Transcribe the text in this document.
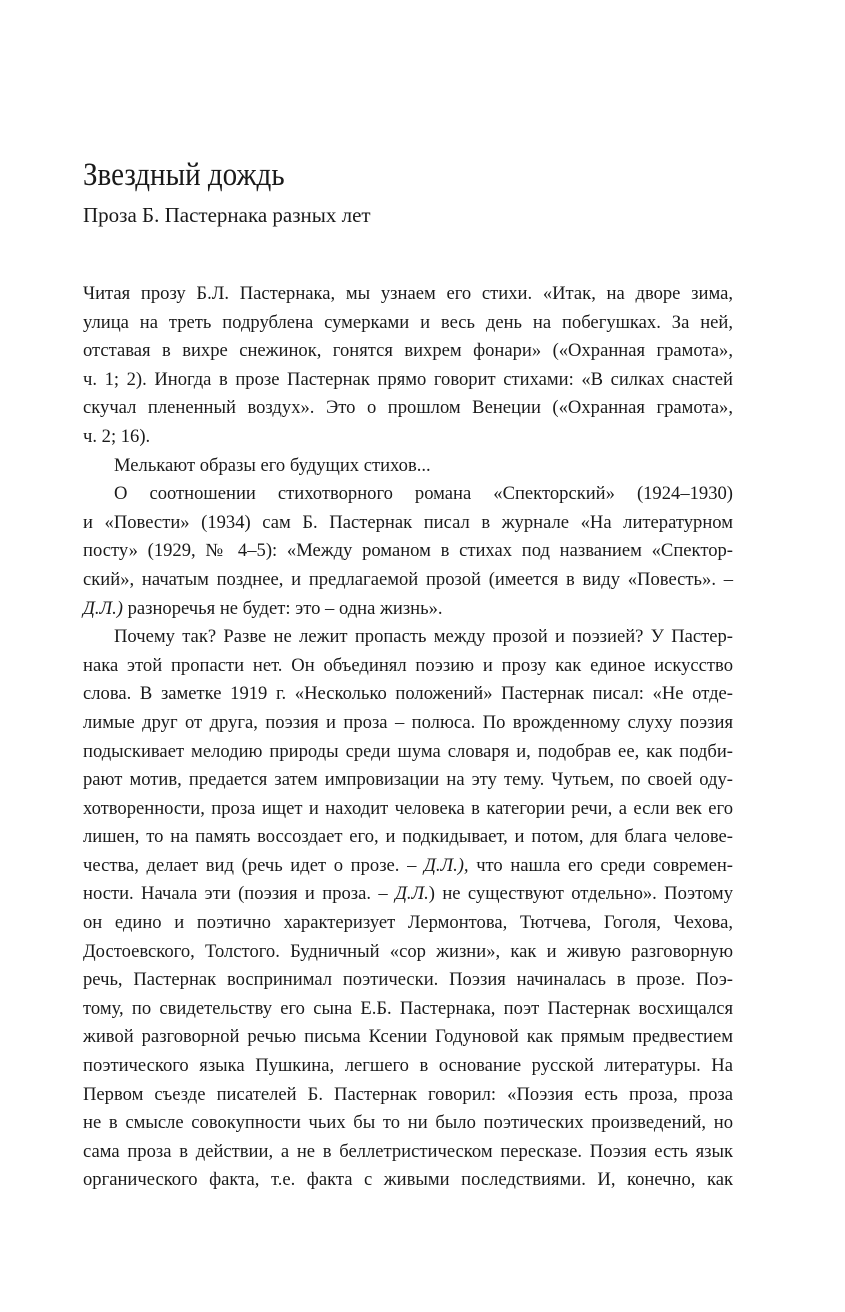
Звездный дождь
Проза Б. Пастернака разных лет
Читая прозу Б.Л. Пастернака, мы узнаем его стихи. «Итак, на дворе зима,
улица на треть подрублена сумерками и весь день на побегушках. За ней,
отставая в вихре снежинок, гонятся вихрем фонари» («Охранная грамота»,
ч. 1; 2). Иногда в прозе Пастернак прямо говорит стихами: «В силках снастей
скучал плененный воздух». Это о прошлом Венеции («Охранная грамота»,
ч. 2; 16).
Мелькают образы его будущих стихов...
О соотношении стихотворного романа «Спекторский» (1924–1930)
и «Повести» (1934) сам Б. Пастернак писал в журнале «На литературном
посту» (1929, № 4–5): «Между романом в стихах под названием «Спектор-
ский», начатым позднее, и предлагаемой прозой (имеется в виду «Повесть». –
Д.Л.) разноречья не будет: это – одна жизнь».
Почему так? Разве не лежит пропасть между прозой и поэзией? У Пастер-
нака этой пропасти нет. Он объединял поэзию и прозу как единое искусство
слова. В заметке 1919 г. «Несколько положений» Пастернак писал: «Не отде-
лимые друг от друга, поэзия и проза – полюса. По врожденному слуху поэзия
подыскивает мелодию природы среди шума словаря и, подобрав ее, как подби-
рают мотив, предается затем импровизации на эту тему. Чутьем, по своей оду-
хотворенности, проза ищет и находит человека в категории речи, а если век его
лишен, то на память воссоздает его, и подкидывает, и потом, для блага челове-
чества, делает вид (речь идет о прозе. – Д.Л.), что нашла его среди современ-
ности. Начала эти (поэзия и проза. – Д.Л.) не существуют отдельно». Поэтому
он едино и поэтично характеризует Лермонтова, Тютчева, Гоголя, Чехова,
Достоевского, Толстого. Будничный «сор жизни», как и живую разговорную
речь, Пастернак воспринимал поэтически. Поэзия начиналась в прозе. Поэ-
тому, по свидетельству его сына Е.Б. Пастернака, поэт Пастернак восхищался
живой разговорной речью письма Ксении Годуновой как прямым предвестием
поэтического языка Пушкина, легшего в основание русской литературы. На
Первом съезде писателей Б. Пастернак говорил: «Поэзия есть проза, проза
не в смысле совокупности чьих бы то ни было поэтических произведений, но
сама проза в действии, а не в беллетристическом пересказе. Поэзия есть язык
органического факта, т.е. факта с живыми последствиями. И, конечно, как
